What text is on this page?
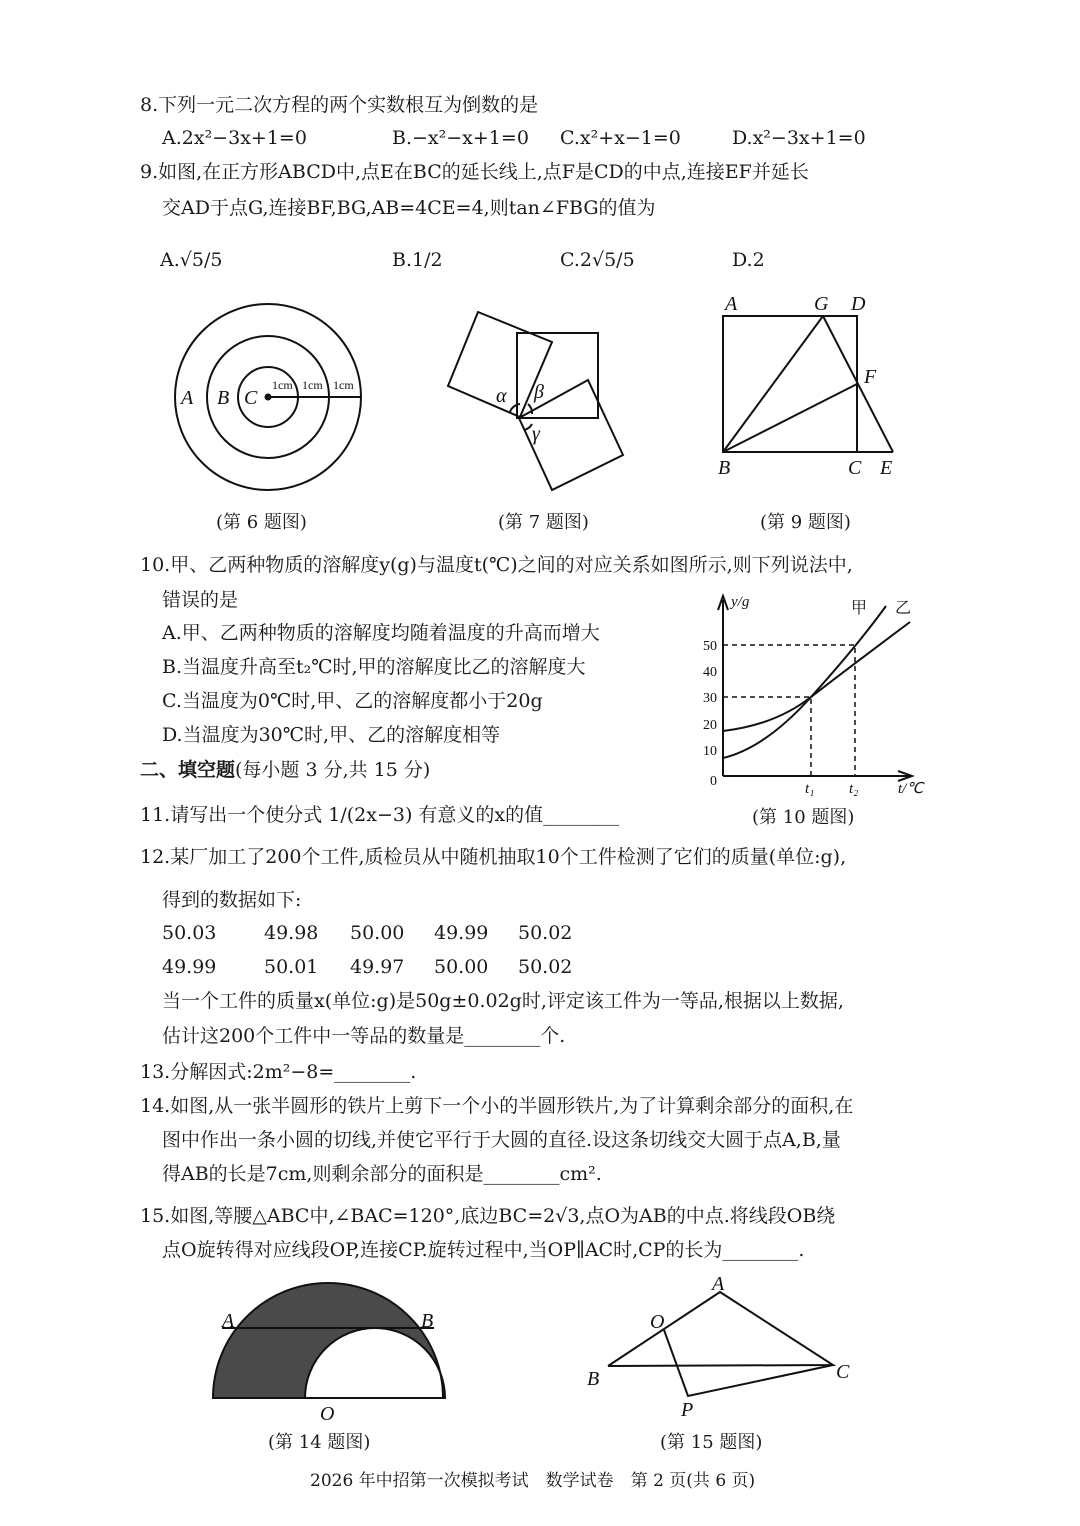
8.下列一元二次方程的两个实数根互为倒数的是
A.2x²−3x+1=0	B.−x²−x+1=0 C.x²+x−1=0	D.x²−3x+1=0
9.如图,在正方形ABCD中,点E在BC的延长线上,点F是CD的中点,连接EF并延长
交AD于点G,连接BF,BG,AB=4CE=4,则tan∠FBG的值为
A.√5/5	B.1/2	C.2√5/5	D.2
A B C
1cm 1cm 1cm	α β
γ
A	G D
F
B	C E
y/g	甲 乙
50
40
30
20
10
0	t₁ t₂	t/℃
A	B
O
A
O
B	C
P
(第 6 题图)	(第 7 题图)	(第 9 题图)
10.甲、乙两种物质的溶解度y(g)与温度t(℃)之间的对应关系如图所示,则下列说法中,
错误的是
A.甲、乙两种物质的溶解度均随着温度的升高而增大
B.当温度升高至t₂℃时,甲的溶解度比乙的溶解度大
C.当温度为0℃时,甲、乙的溶解度都小于20g
D.当温度为30℃时,甲、乙的溶解度相等
二、填空题(每小题 3 分,共 15 分)
(第 10 题图)
11.请写出一个使分式 1/(2x−3) 有意义的x的值________
12.某厂加工了200个工件,质检员从中随机抽取10个工件检测了它们的质量(单位:g),
得到的数据如下:
50.03	49.98 50.00 49.99 50.02
49.99	50.01 49.97 50.00 50.02
当一个工件的质量x(单位:g)是50g±0.02g时,评定该工件为一等品,根据以上数据,
估计这200个工件中一等品的数量是________个.
13.分解因式:2m²−8=________.
14.如图,从一张半圆形的铁片上剪下一个小的半圆形铁片,为了计算剩余部分的面积,在
图中作出一条小圆的切线,并使它平行于大圆的直径.设这条切线交大圆于点A,B,量
得AB的长是7cm,则剩余部分的面积是________cm².
15.如图,等腰△ABC中,∠BAC=120°,底边BC=2√3,点O为AB的中点.将线段OB绕
点O旋转得对应线段OP,连接CP.旋转过程中,当OP∥AC时,CP的长为________.
(第 14 题图)	(第 15 题图)
2026 年中招第一次模拟考试　数学试卷　第 2 页(共 6 页)
